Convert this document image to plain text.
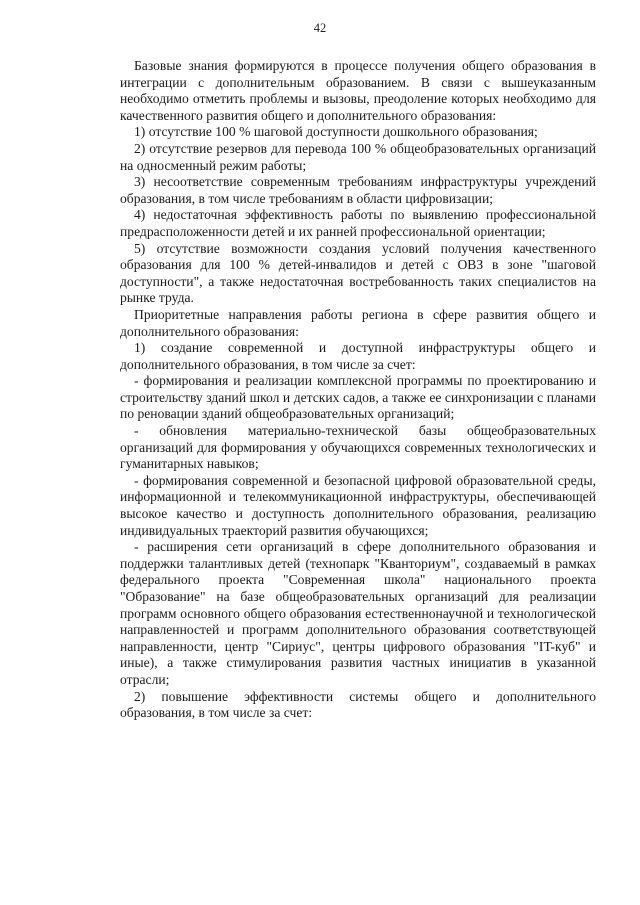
42

Базовые знания формируются в процессе получения общего образования в интеграции с дополнительным образованием. В связи с вышеуказанным необходимо отметить проблемы и вызовы, преодоление которых необходимо для качественного развития общего и дополнительного образования:

1) отсутствие 100 % шаговой доступности дошкольного образования;

2) отсутствие резервов для перевода 100 % общеобразовательных организаций на односменный режим работы;

3) несоответствие современным требованиям инфраструктуры учреждений образования, в том числе требованиям в области цифровизации;

4) недостаточная эффективность работы по выявлению профессиональной предрасположенности детей и их ранней профессиональной ориентации;

5) отсутствие возможности создания условий получения качественного образования для 100 % детей-инвалидов и детей с ОВЗ в зоне "шаговой доступности", а также недостаточная востребованность таких специалистов на рынке труда.

Приоритетные направления работы региона в сфере развития общего и дополнительного образования:

1) создание современной и доступной инфраструктуры общего и дополнительного образования, в том числе за счет:

- формирования и реализации комплексной программы по проектированию и строительству зданий школ и детских садов, а также ее синхронизации с планами по реновации зданий общеобразовательных организаций;

- обновления материально-технической базы общеобразовательных организаций для формирования у обучающихся современных технологических и гуманитарных навыков;

- формирования современной и безопасной цифровой образовательной среды, информационной и телекоммуникационной инфраструктуры, обеспечивающей высокое качество и доступность дополнительного образования, реализацию индивидуальных траекторий развития обучающихся;

- расширения сети организаций в сфере дополнительного образования и поддержки талантливых детей (технопарк "Кванториум", создаваемый в рамках федерального проекта "Современная школа" национального проекта "Образование" на базе общеобразовательных организаций для реализации программ основного общего образования естественнонаучной и технологической направленностей и программ дополнительного образования соответствующей направленности, центр "Сириус", центры цифрового образования "IT-куб" и иные), а также стимулирования развития частных инициатив в указанной отрасли;

2) повышение эффективности системы общего и дополнительного образования, в том числе за счет:
